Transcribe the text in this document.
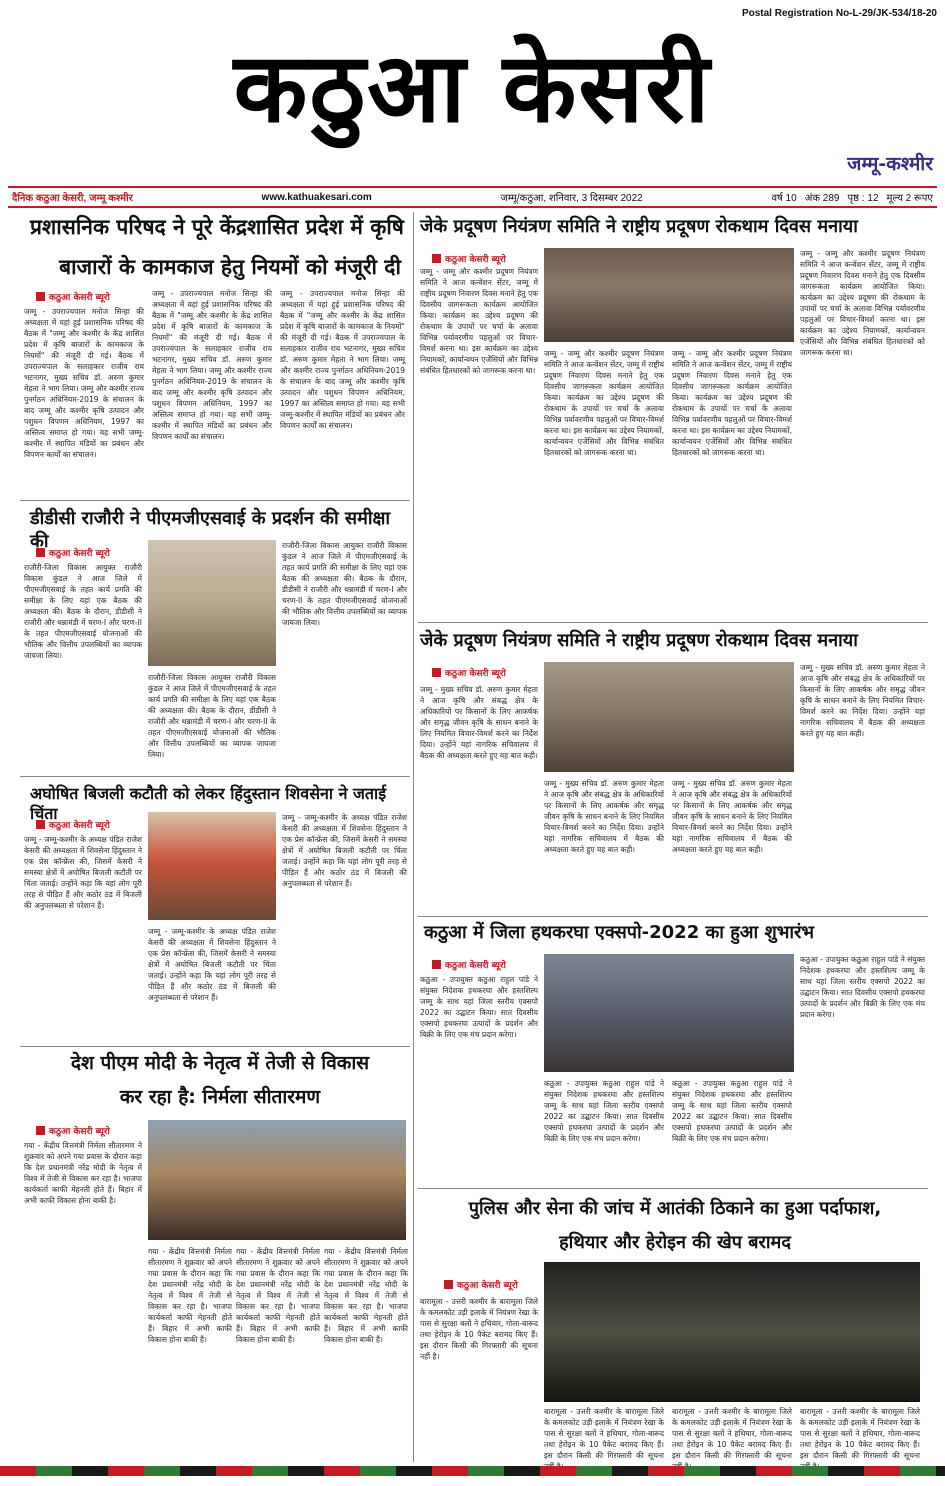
Postal Registration No-L-29/JK-534/18-20
कठुआ केसरी
जम्मू-कश्मीर
दैनिक कठुआ केसरी, जम्मू कश्मीर	www.kathuakesari.com	जम्मू/कठुआ, शनिवार, 3 दिसम्बर 2022	वर्ष 10 अंक 289 पृष्ठ : 12 मूल्य 2 रूपए
प्रशासनिक परिषद ने पूरे केंद्रशासित प्रदेश में कृषि
बाजारों के कामकाज हेतु नियमों को मंजूरी दी
कठुआ केसरी ब्यूरो
जम्मू - उपराज्यपाल मनोज सिन्हा की अध्यक्षता में यहां हुई प्रशासनिक परिषद की बैठक में "जम्मू और कश्मीर के केंद्र शासित प्रदेश में कृषि बाजारों के कामकाज के नियमों" की मंजूरी दी गई। बैठक में उपराज्यपाल के सलाहकार राजीव राय भटनागर, मुख्य सचिव डॉ. अरुण कुमार मेहता ने भाग लिया। जम्मू और कश्मीर राज्य पुनर्गठन अधिनियम-2019 के संचालन के बाद जम्मू और कश्मीर कृषि उत्पादन और पशुधन विपणन अधिनियम, 1997 का अस्तित्व समाप्त हो गया। यह सभी जम्मू-कश्मीर में स्थापित मंडियों का प्रबंधन और विपणन कार्यों का संचालन।
जम्मू - उपराज्यपाल मनोज सिन्हा की अध्यक्षता में यहां हुई प्रशासनिक परिषद की बैठक में "जम्मू और कश्मीर के केंद्र शासित प्रदेश में कृषि बाजारों के कामकाज के नियमों" की मंजूरी दी गई। बैठक में उपराज्यपाल के सलाहकार राजीव राय भटनागर, मुख्य सचिव डॉ. अरुण कुमार मेहता ने भाग लिया। जम्मू और कश्मीर राज्य पुनर्गठन अधिनियम-2019 के संचालन के बाद जम्मू और कश्मीर कृषि उत्पादन और पशुधन विपणन अधिनियम, 1997 का अस्तित्व समाप्त हो गया। यह सभी जम्मू-कश्मीर में स्थापित मंडियों का प्रबंधन और विपणन कार्यों का संचालन।
जम्मू - उपराज्यपाल मनोज सिन्हा की अध्यक्षता में यहां हुई प्रशासनिक परिषद की बैठक में "जम्मू और कश्मीर के केंद्र शासित प्रदेश में कृषि बाजारों के कामकाज के नियमों" की मंजूरी दी गई। बैठक में उपराज्यपाल के सलाहकार राजीव राय भटनागर, मुख्य सचिव डॉ. अरुण कुमार मेहता ने भाग लिया। जम्मू और कश्मीर राज्य पुनर्गठन अधिनियम-2019 के संचालन के बाद जम्मू और कश्मीर कृषि उत्पादन और पशुधन विपणन अधिनियम, 1997 का अस्तित्व समाप्त हो गया। यह सभी जम्मू-कश्मीर में स्थापित मंडियों का प्रबंधन और विपणन कार्यों का संचालन।
जेके प्रदूषण नियंत्रण समिति ने राष्ट्रीय प्रदूषण रोकथाम दिवस मनाया
कठुआ केसरी ब्यूरो
जम्मू - जम्मू और कश्मीर प्रदूषण नियंत्रण समिति ने आज कन्वेंशन सेंटर, जम्मू में राष्ट्रीय प्रदूषण निवारण दिवस मनाने हेतु एक दिवसीय जागरूकता कार्यक्रम आयोजित किया। कार्यक्रम का उद्देश्य प्रदूषण की रोकथाम के उपायों पर चर्चा के अलावा विभिन्न पर्यावरणीय पहलुओं पर विचार-विमर्श करना था। इस कार्यक्रम का उद्देश्य नियामकों, कार्यान्वयन एजेंसियों और विभिन्न संबंधित हितधारकों को जागरूक करना था।
जम्मू - जम्मू और कश्मीर प्रदूषण नियंत्रण समिति ने आज कन्वेंशन सेंटर, जम्मू में राष्ट्रीय प्रदूषण निवारण दिवस मनाने हेतु एक दिवसीय जागरूकता कार्यक्रम आयोजित किया। कार्यक्रम का उद्देश्य प्रदूषण की रोकथाम के उपायों पर चर्चा के अलावा विभिन्न पर्यावरणीय पहलुओं पर विचार-विमर्श करना था। इस कार्यक्रम का उद्देश्य नियामकों, कार्यान्वयन एजेंसियों और विभिन्न संबंधित हितधारकों को जागरूक करना था।
जम्मू - जम्मू और कश्मीर प्रदूषण नियंत्रण समिति ने आज कन्वेंशन सेंटर, जम्मू में राष्ट्रीय प्रदूषण निवारण दिवस मनाने हेतु एक दिवसीय जागरूकता कार्यक्रम आयोजित किया। कार्यक्रम का उद्देश्य प्रदूषण की रोकथाम के उपायों पर चर्चा के अलावा विभिन्न पर्यावरणीय पहलुओं पर विचार-विमर्श करना था। इस कार्यक्रम का उद्देश्य नियामकों, कार्यान्वयन एजेंसियों और विभिन्न संबंधित हितधारकों को जागरूक करना था।
जम्मू - जम्मू और कश्मीर प्रदूषण नियंत्रण समिति ने आज कन्वेंशन सेंटर, जम्मू में राष्ट्रीय प्रदूषण निवारण दिवस मनाने हेतु एक दिवसीय जागरूकता कार्यक्रम आयोजित किया। कार्यक्रम का उद्देश्य प्रदूषण की रोकथाम के उपायों पर चर्चा के अलावा विभिन्न पर्यावरणीय पहलुओं पर विचार-विमर्श करना था। इस कार्यक्रम का उद्देश्य नियामकों, कार्यान्वयन एजेंसियों और विभिन्न संबंधित हितधारकों को जागरूक करना था।
डीडीसी राजौरी ने पीएमजीएसवाई के प्रदर्शन की समीक्षा की
कठुआ केसरी ब्यूरो
राजौरी-जिला विकास आयुक्त राजौरी विकास कुंडल ने आज जिले में पीएमजीएसवाई के तहत कार्य प्रगति की समीक्षा के लिए यहां एक बैठक की अध्यक्षता की। बैठक के दौरान, डीडीसी ने राजौरी और थन्नामंडी में चरण-I और चरण-II के तहत पीएमजीएसवाई योजनाओं की भौतिक और वित्तीय उपलब्धियों का व्यापक जायजा लिया।
राजौरी-जिला विकास आयुक्त राजौरी विकास कुंडल ने आज जिले में पीएमजीएसवाई के तहत कार्य प्रगति की समीक्षा के लिए यहां एक बैठक की अध्यक्षता की। बैठक के दौरान, डीडीसी ने राजौरी और थन्नामंडी में चरण-I और चरण-II के तहत पीएमजीएसवाई योजनाओं की भौतिक और वित्तीय उपलब्धियों का व्यापक जायजा लिया।
राजौरी-जिला विकास आयुक्त राजौरी विकास कुंडल ने आज जिले में पीएमजीएसवाई के तहत कार्य प्रगति की समीक्षा के लिए यहां एक बैठक की अध्यक्षता की। बैठक के दौरान, डीडीसी ने राजौरी और थन्नामंडी में चरण-I और चरण-II के तहत पीएमजीएसवाई योजनाओं की भौतिक और वित्तीय उपलब्धियों का व्यापक जायजा लिया।
जेके प्रदूषण नियंत्रण समिति ने राष्ट्रीय प्रदूषण रोकथाम दिवस मनाया
कठुआ केसरी ब्यूरो
जम्मू - मुख्य सचिव डॉ. अरुण कुमार मेहता ने आज कृषि और संबद्ध क्षेत्र के अधिकारियों पर किसानों के लिए आकर्षक और समृद्ध जीवन कृषि के साधन बनाने के लिए नियमित विचार-विमर्श करने का निर्देश दिया। उन्होंने यहां नागरिक सचिवालय में बैठक की अध्यक्षता करते हुए यह बात कही।
जम्मू - मुख्य सचिव डॉ. अरुण कुमार मेहता ने आज कृषि और संबद्ध क्षेत्र के अधिकारियों पर किसानों के लिए आकर्षक और समृद्ध जीवन कृषि के साधन बनाने के लिए नियमित विचार-विमर्श करने का निर्देश दिया। उन्होंने यहां नागरिक सचिवालय में बैठक की अध्यक्षता करते हुए यह बात कही।
जम्मू - मुख्य सचिव डॉ. अरुण कुमार मेहता ने आज कृषि और संबद्ध क्षेत्र के अधिकारियों पर किसानों के लिए आकर्षक और समृद्ध जीवन कृषि के साधन बनाने के लिए नियमित विचार-विमर्श करने का निर्देश दिया। उन्होंने यहां नागरिक सचिवालय में बैठक की अध्यक्षता करते हुए यह बात कही।
जम्मू - मुख्य सचिव डॉ. अरुण कुमार मेहता ने आज कृषि और संबद्ध क्षेत्र के अधिकारियों पर किसानों के लिए आकर्षक और समृद्ध जीवन कृषि के साधन बनाने के लिए नियमित विचार-विमर्श करने का निर्देश दिया। उन्होंने यहां नागरिक सचिवालय में बैठक की अध्यक्षता करते हुए यह बात कही।
अघोषित बिजली कटौती को लेकर हिंदुस्तान शिवसेना ने जताई चिंता
कठुआ केसरी ब्यूरो
जम्मू - जम्मू-कश्मीर के अध्यक्ष पंडित राजेश केसरी की अध्यक्षता में शिवसेना हिंदुस्तान ने एक प्रेस कॉन्फ्रेंस की, जिसमें केसरी ने समस्या क्षेत्रों में अघोषित बिजली कटौती पर चिंता जताई। उन्होंने कहा कि यहां लोग पूरी तरह से पीड़ित हैं और कठोर ठंड में बिजली की अनुपलब्धता से परेशान हैं।
जम्मू - जम्मू-कश्मीर के अध्यक्ष पंडित राजेश केसरी की अध्यक्षता में शिवसेना हिंदुस्तान ने एक प्रेस कॉन्फ्रेंस की, जिसमें केसरी ने समस्या क्षेत्रों में अघोषित बिजली कटौती पर चिंता जताई। उन्होंने कहा कि यहां लोग पूरी तरह से पीड़ित हैं और कठोर ठंड में बिजली की अनुपलब्धता से परेशान हैं।
जम्मू - जम्मू-कश्मीर के अध्यक्ष पंडित राजेश केसरी की अध्यक्षता में शिवसेना हिंदुस्तान ने एक प्रेस कॉन्फ्रेंस की, जिसमें केसरी ने समस्या क्षेत्रों में अघोषित बिजली कटौती पर चिंता जताई। उन्होंने कहा कि यहां लोग पूरी तरह से पीड़ित हैं और कठोर ठंड में बिजली की अनुपलब्धता से परेशान हैं।
कठुआ में जिला हथकरघा एक्सपो-2022 का हुआ शुभारंभ
कठुआ केसरी ब्यूरो
कठुआ - उपायुक्त कठुआ राहुल पांडे ने संयुक्त निदेशक हथकरघा और हस्तशिल्प जम्मू के साथ यहां जिला स्तरीय एक्सपो 2022 का उद्घाटन किया। सात दिवसीय एक्सपो हथकरघा उत्पादों के प्रदर्शन और बिक्री के लिए एक मंच प्रदान करेगा।
कठुआ - उपायुक्त कठुआ राहुल पांडे ने संयुक्त निदेशक हथकरघा और हस्तशिल्प जम्मू के साथ यहां जिला स्तरीय एक्सपो 2022 का उद्घाटन किया। सात दिवसीय एक्सपो हथकरघा उत्पादों के प्रदर्शन और बिक्री के लिए एक मंच प्रदान करेगा।
कठुआ - उपायुक्त कठुआ राहुल पांडे ने संयुक्त निदेशक हथकरघा और हस्तशिल्प जम्मू के साथ यहां जिला स्तरीय एक्सपो 2022 का उद्घाटन किया। सात दिवसीय एक्सपो हथकरघा उत्पादों के प्रदर्शन और बिक्री के लिए एक मंच प्रदान करेगा।
कठुआ - उपायुक्त कठुआ राहुल पांडे ने संयुक्त निदेशक हथकरघा और हस्तशिल्प जम्मू के साथ यहां जिला स्तरीय एक्सपो 2022 का उद्घाटन किया। सात दिवसीय एक्सपो हथकरघा उत्पादों के प्रदर्शन और बिक्री के लिए एक मंच प्रदान करेगा।
देश पीएम मोदी के नेतृत्व में तेजी से विकास
कर रहा है: निर्मला सीतारमण
कठुआ केसरी ब्यूरो
गया - केंद्रीय वित्तमंत्री निर्मला सीतारमण ने शुक्रवार को अपने गया प्रवास के दौरान कहा कि देश प्रधानमंत्री नरेंद्र मोदी के नेतृत्व में विश्व में तेजी से विकास कर रहा है। भाजपा कार्यकर्ता काफी मेहनती होते हैं। बिहार में अभी काफी विकास होना बाकी है।
गया - केंद्रीय वित्तमंत्री निर्मला सीतारमण ने शुक्रवार को अपने गया प्रवास के दौरान कहा कि देश प्रधानमंत्री नरेंद्र मोदी के नेतृत्व में विश्व में तेजी से विकास कर रहा है। भाजपा कार्यकर्ता काफी मेहनती होते हैं। बिहार में अभी काफी विकास होना बाकी है।
गया - केंद्रीय वित्तमंत्री निर्मला सीतारमण ने शुक्रवार को अपने गया प्रवास के दौरान कहा कि देश प्रधानमंत्री नरेंद्र मोदी के नेतृत्व में विश्व में तेजी से विकास कर रहा है। भाजपा कार्यकर्ता काफी मेहनती होते हैं। बिहार में अभी काफी विकास होना बाकी है।
गया - केंद्रीय वित्तमंत्री निर्मला सीतारमण ने शुक्रवार को अपने गया प्रवास के दौरान कहा कि देश प्रधानमंत्री नरेंद्र मोदी के नेतृत्व में विश्व में तेजी से विकास कर रहा है। भाजपा कार्यकर्ता काफी मेहनती होते हैं। बिहार में अभी काफी विकास होना बाकी है।
पुलिस और सेना की जांच में आतंकी ठिकाने का हुआ पर्दाफाश,
हथियार और हेरोइन की खेप बरामद
कठुआ केसरी ब्यूरो
बारामूला - उत्तरी कश्मीर के बारामूला जिले के कमलकोट उड़ी इलाके में नियंत्रण रेखा के पास से सुरक्षा बलों ने हथियार, गोला-बारूद तथा हेरोइन के 10 पैकेट बरामद किए हैं। इस दौरान किसी की गिरफ्तारी की सूचना नहीं है।
बारामूला - उत्तरी कश्मीर के बारामूला जिले के कमलकोट उड़ी इलाके में नियंत्रण रेखा के पास से सुरक्षा बलों ने हथियार, गोला-बारूद तथा हेरोइन के 10 पैकेट बरामद किए हैं। इस दौरान किसी की गिरफ्तारी की सूचना
बारामूला - उत्तरी कश्मीर के बारामूला जिले के कमलकोट उड़ी इलाके में नियंत्रण रेखा के पास से सुरक्षा बलों ने हथियार, गोला-बारूद तथा हेरोइन के 10 पैकेट बरामद किए हैं। इस दौरान किसी की गिरफ्तारी की सूचना
बारामूला - उत्तरी कश्मीर के बारामूला जिले के कमलकोट उड़ी इलाके में नियंत्रण रेखा के पास से सुरक्षा बलों ने हथियार, गोला-बारूद तथा हेरोइन के 10 पैकेट बरामद किए हैं। इस दौरान किसी की गिरफ्तारी की सूचना
